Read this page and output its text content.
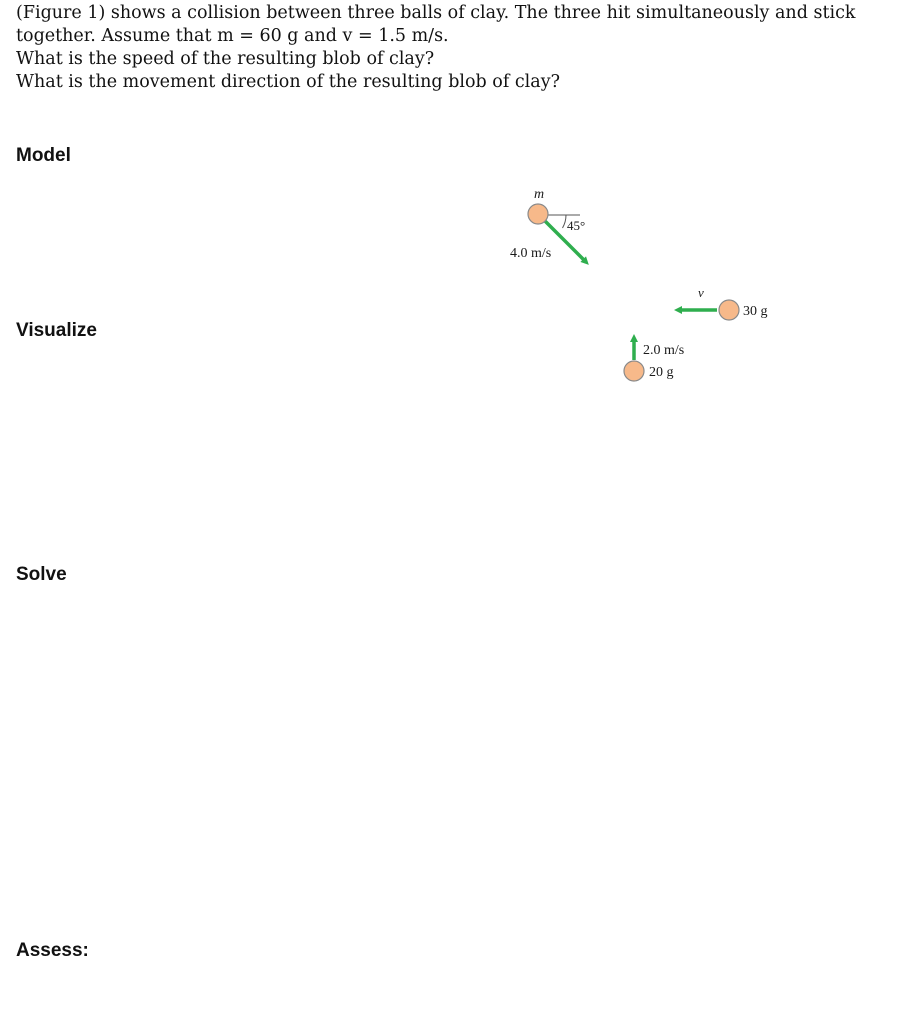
(Figure 1) shows a collision between three balls of clay. The three hit simultaneously and stick
together. Assume that m = 60 g and v = 1.5 m/s.
What is the speed of the resulting blob of clay?
What is the movement direction of the resulting blob of clay?
Model
Visualize
Solve
Assess:
m
45°
4.0 m/s
v
30 g
2.0 m/s
20 g
